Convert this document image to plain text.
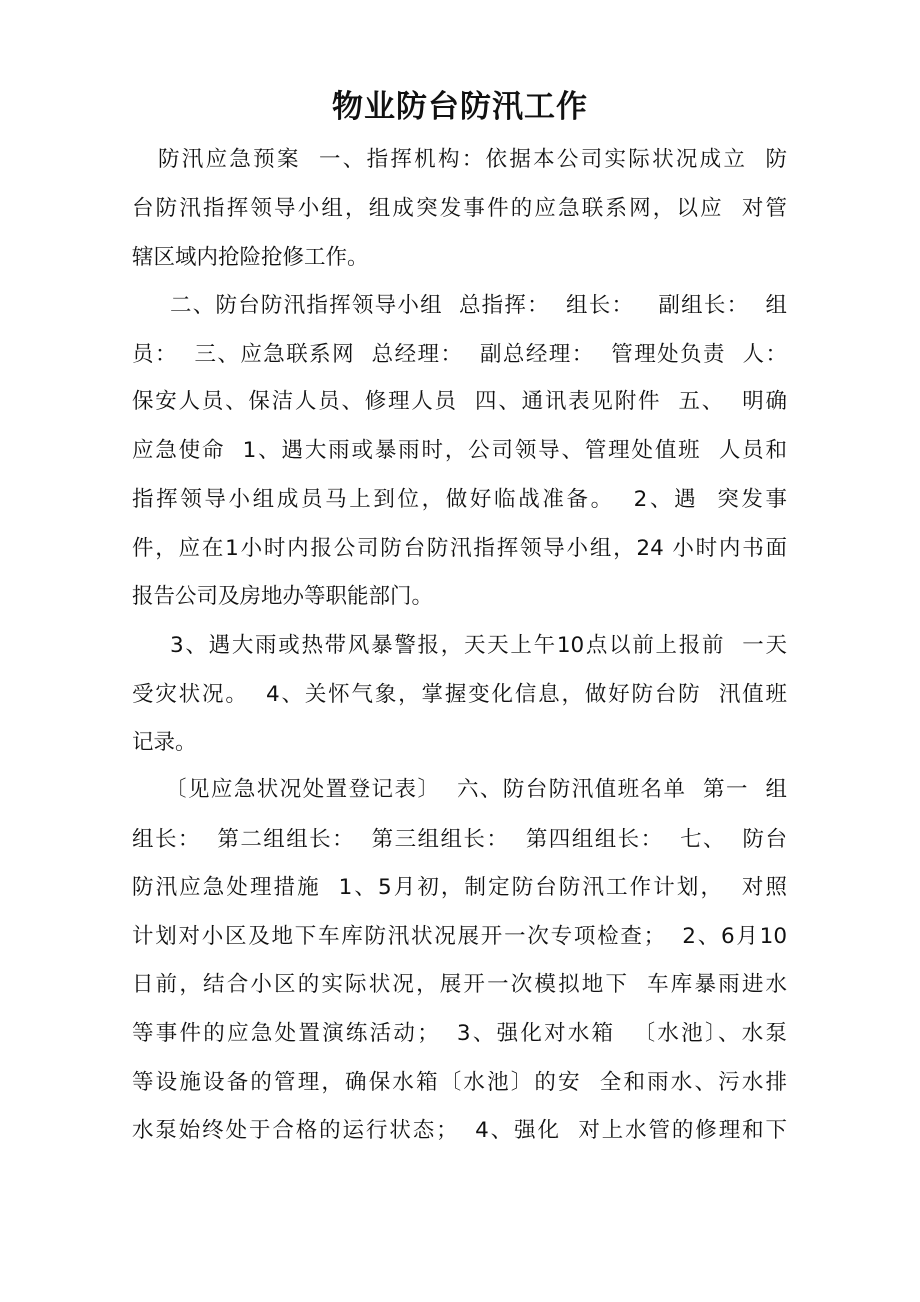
物业防台防汛工作
防汛应急预案  一、指挥机构：依据本公司实际状况成立  防
台防汛指挥领导小组，组成突发事件的应急联系网，以应  对管
辖区域内抢险抢修工作。
二、防台防汛指挥领导小组  总指挥：  组长：   副组长：  组
员：  三、应急联系网  总经理：  副总经理：  管理处负责  人：
保安人员、保洁人员、修理人员  四、通讯表见附件  五、  明确
应急使命  1、遇大雨或暴雨时，公司领导、管理处值班  人员和
指挥领导小组成员马上到位，做好临战准备。  2、遇  突发事
件，应在1小时内报公司防台防汛指挥领导小组，24 小时内书面
报告公司及房地办等职能部门。
3、遇大雨或热带风暴警报，天天上午10点以前上报前  一天
受灾状况。  4、关怀气象，掌握变化信息，做好防台防  汛值班
记录。
〔见应急状况处置登记表〕  六、防台防汛值班名单  第一  组
组长：  第二组组长：  第三组组长：  第四组组长：  七、  防台
防汛应急处理措施  1、5月初，制定防台防汛工作计划，  对照
计划对小区及地下车库防汛状况展开一次专项检查；  2、6月10
日前，结合小区的实际状况，展开一次模拟地下  车库暴雨进水
等事件的应急处置演练活动；  3、强化对水箱  〔水池〕、水泵
等设施设备的管理，确保水箱〔水池〕的安  全和雨水、污水排
水泵始终处于合格的运行状态；  4、强化  对上水管的修理和下
